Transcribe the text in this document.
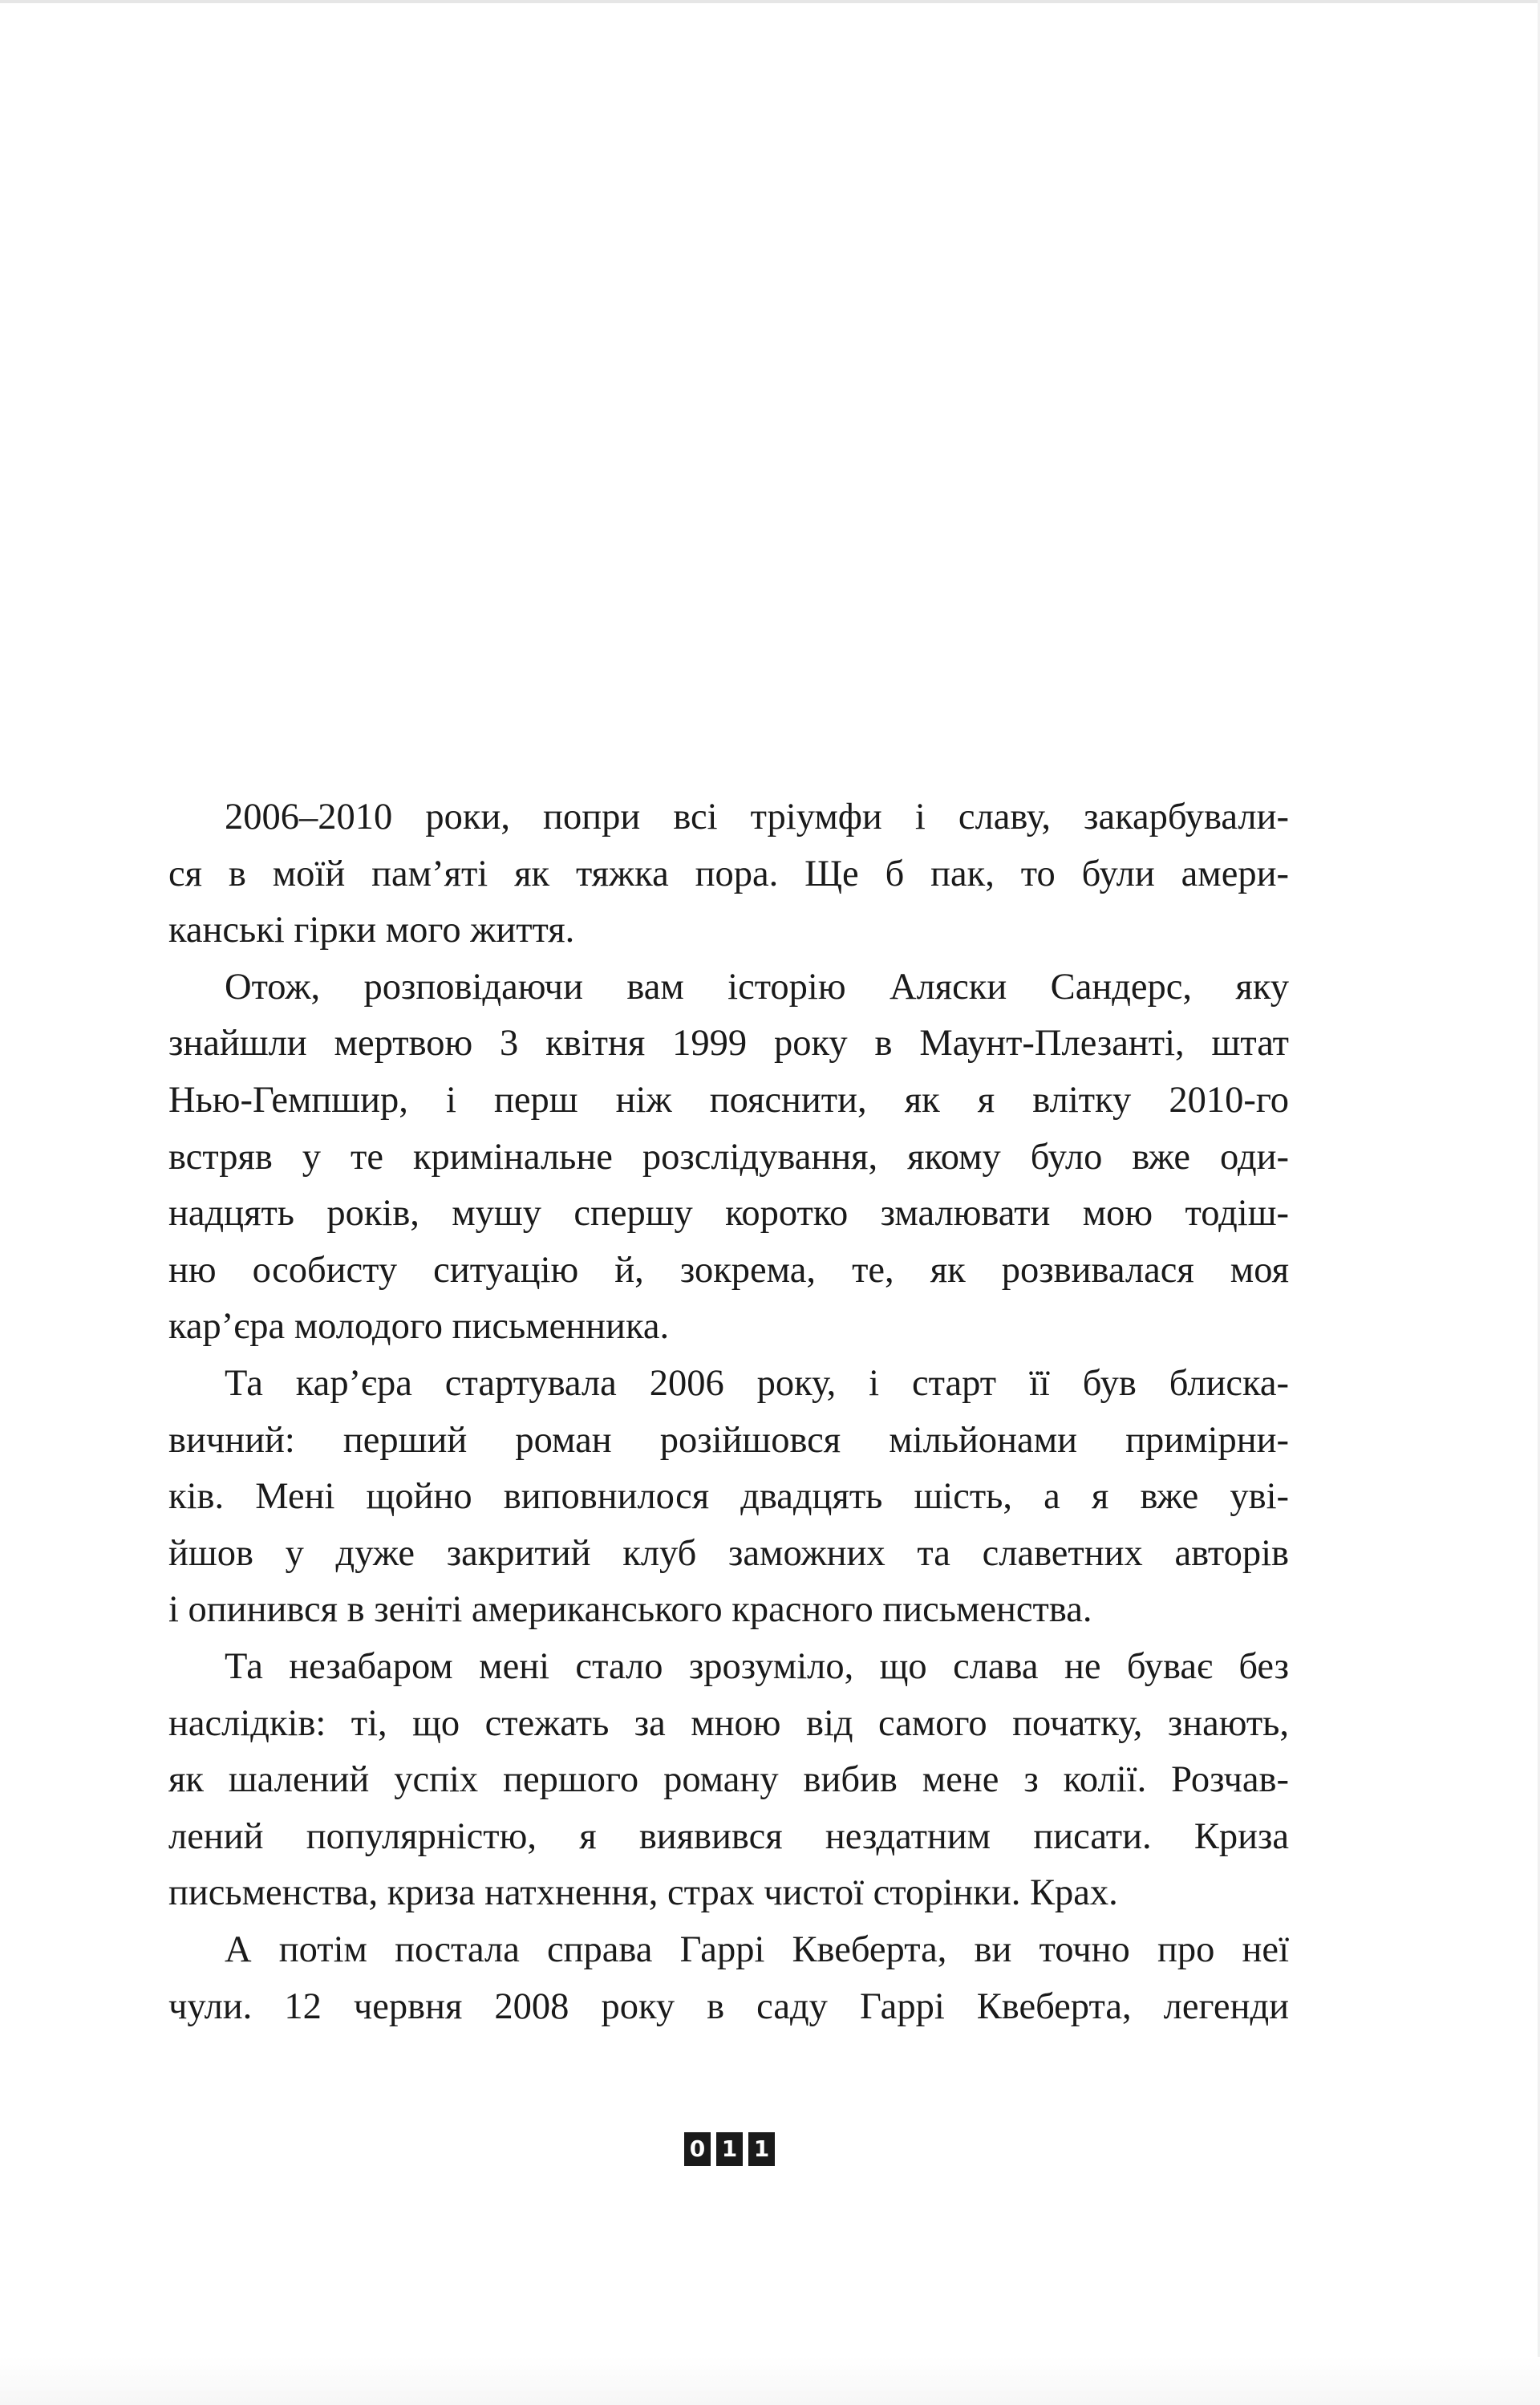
2006–2010 роки, попри всі тріумфи і славу, закарбували-
ся в моїй пам’яті як тяжка пора. Ще б пак, то були амери-
канські гірки мого життя.
Отож, розповідаючи вам історію Аляски Сандерс, яку
знайшли мертвою 3 квітня 1999 року в Маунт-Плезанті, штат
Нью-Гемпшир, і перш ніж пояснити, як я влітку 2010-го
встряв у те кримінальне розслідування, якому було вже оди-
надцять років, мушу спершу коротко змалювати мою тодіш-
ню особисту ситуацію й, зокрема, те, як розвивалася моя
кар’єра молодого письменника.
Та кар’єра стартувала 2006 року, і старт її був блиска-
вичний: перший роман розійшовся мільйонами примірни-
ків. Мені щойно виповнилося двадцять шість, а я вже уві-
йшов у дуже закритий клуб заможних та славетних авторів
і опинився в зеніті американського красного письменства.
Та незабаром мені стало зрозуміло, що слава не буває без
наслідків: ті, що стежать за мною від самого початку, знають,
як шалений успіх першого роману вибив мене з колії. Розчав-
лений популярністю, я виявився нездатним писати. Криза
письменства, криза натхнення, страх чистої сторінки. Крах.
А потім постала справа Гаррі Квеберта, ви точно про неї
чули. 12 червня 2008 року в саду Гаррі Квеберта, легенди
0 1 1
